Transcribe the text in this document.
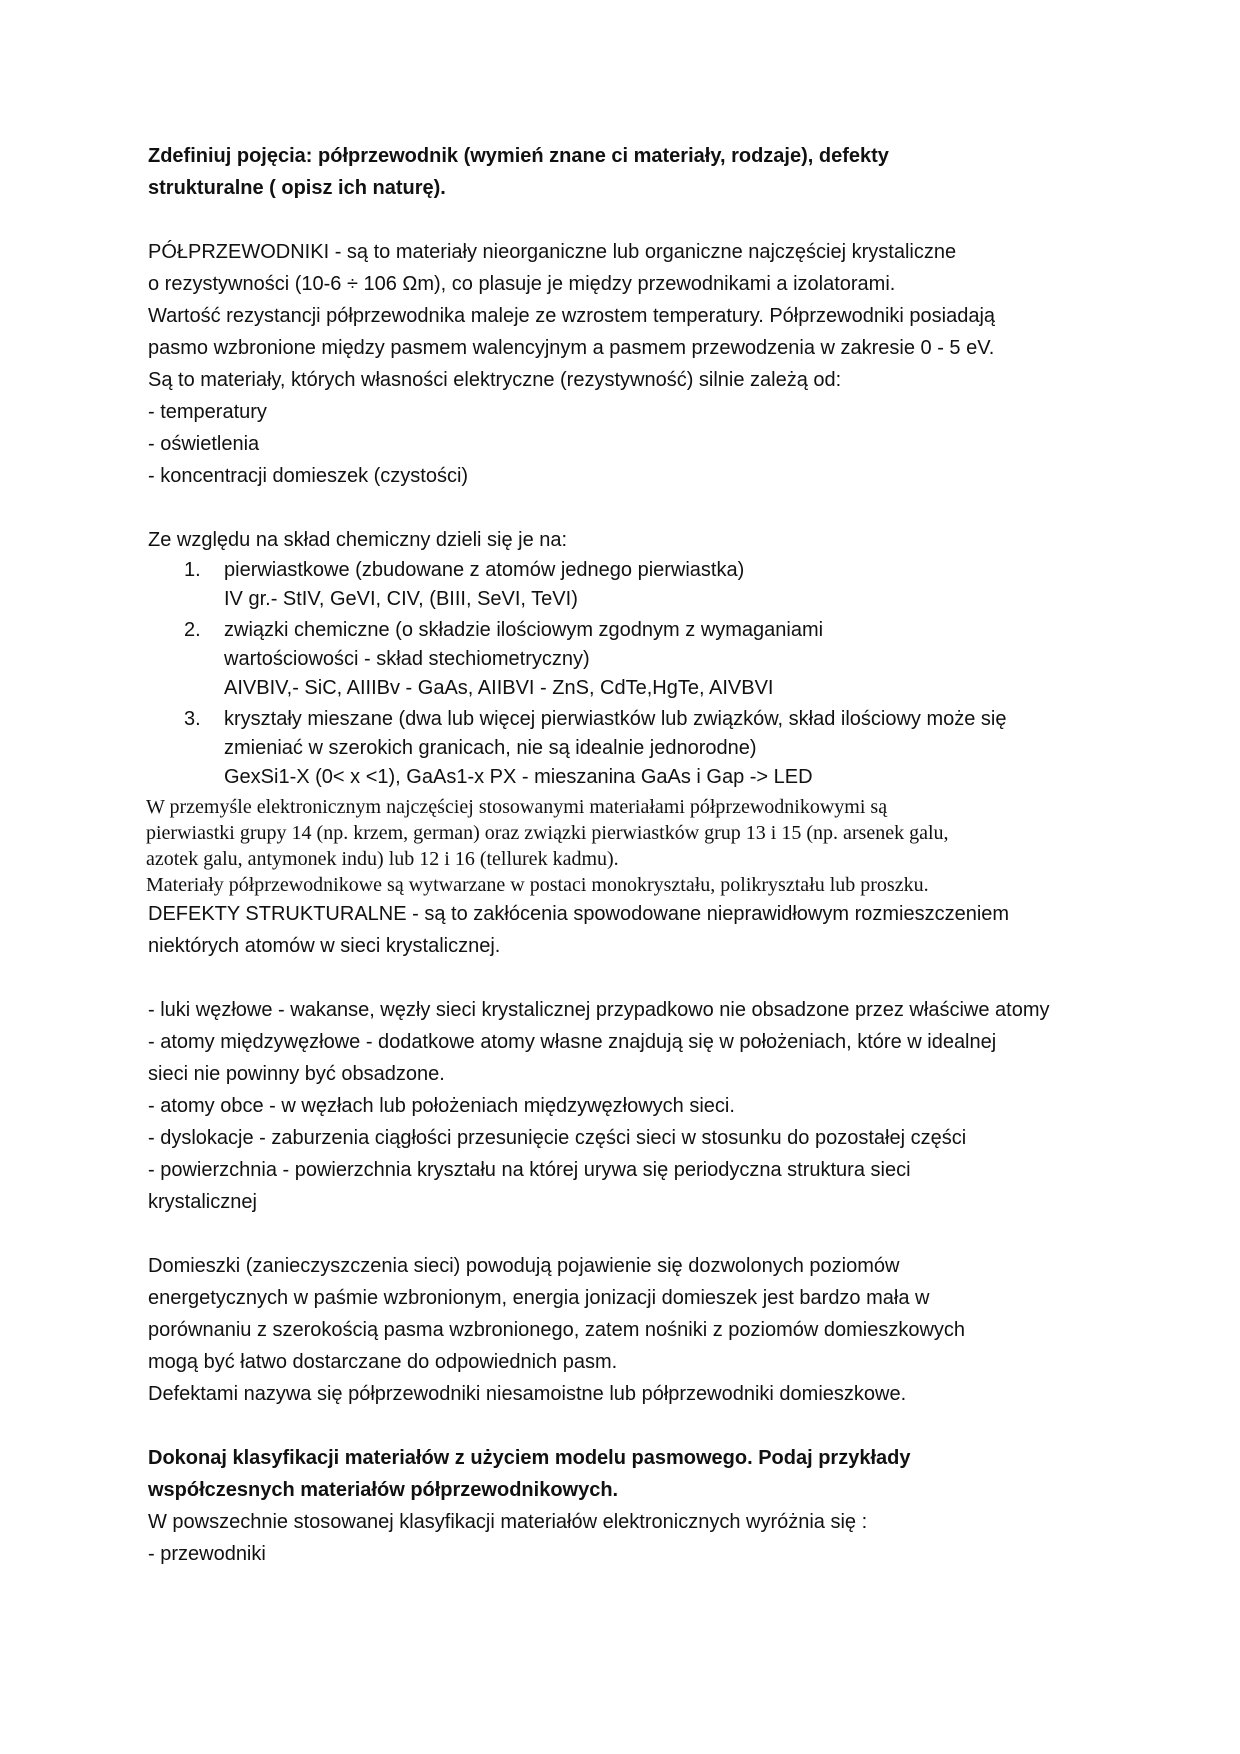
Zdefiniuj pojęcia: półprzewodnik (wymień znane ci materiały, rodzaje), defekty

strukturalne ( opisz ich naturę).

PÓŁPRZEWODNIKI - są to materiały nieorganiczne lub organiczne najczęściej krystaliczne

o rezystywności (10-6 ÷ 106 Ωm), co plasuje je między przewodnikami a izolatorami.

Wartość rezystancji półprzewodnika maleje ze wzrostem temperatury. Półprzewodniki posiadają

pasmo wzbronione między pasmem walencyjnym a pasmem przewodzenia w zakresie 0 - 5 eV.

Są to materiały, których własności elektryczne (rezystywność) silnie zależą od:

- temperatury

- oświetlenia

- koncentracji domieszek (czystości)

Ze względu na skład chemiczny dzieli się je na:

1. pierwiastkowe (zbudowane z atomów jednego pierwiastka)
IV gr.- StIV, GeVI, CIV, (BIII, SeVI, TeVI)
2. związki chemiczne (o składzie ilościowym zgodnym z wymaganiami
wartościowości - skład stechiometryczny)
AIVBIV,- SiC, AIIIBv - GaAs, AIIBVI - ZnS, CdTe,HgTe, AIVBVI
3. kryształy mieszane (dwa lub więcej pierwiastków lub związków, skład ilościowy może się
zmieniać w szerokich granicach, nie są idealnie jednorodne)
GexSi1-X (0< x <1), GaAs1-x PX - mieszanina GaAs i Gap -> LED

W przemyśle elektronicznym najczęściej stosowanymi materiałami półprzewodnikowymi są

pierwiastki grupy 14 (np. krzem, german) oraz związki pierwiastków grup 13 i 15 (np. arsenek galu,

azotek galu, antymonek indu) lub 12 i 16 (tellurek kadmu).

Materiały półprzewodnikowe są wytwarzane w postaci monokryształu, polikryształu lub proszku.

DEFEKTY STRUKTURALNE - są to zakłócenia spowodowane nieprawidłowym rozmieszczeniem

niektórych atomów w sieci krystalicznej.

- luki węzłowe - wakanse, węzły sieci krystalicznej przypadkowo nie obsadzone przez właściwe atomy

- atomy międzywęzłowe - dodatkowe atomy własne znajdują się w położeniach, które w idealnej

sieci nie powinny być obsadzone.

- atomy obce - w węzłach lub położeniach międzywęzłowych sieci.

- dyslokacje - zaburzenia ciągłości przesunięcie części sieci w stosunku do pozostałej części

- powierzchnia - powierzchnia kryształu na której urywa się periodyczna struktura sieci

krystalicznej

Domieszki (zanieczyszczenia sieci) powodują pojawienie się dozwolonych poziomów

energetycznych w paśmie wzbronionym, energia jonizacji domieszek jest bardzo mała w

porównaniu z szerokością pasma wzbronionego, zatem nośniki z poziomów domieszkowych

mogą być łatwo dostarczane do odpowiednich pasm.

Defektami nazywa się półprzewodniki niesamoistne lub półprzewodniki domieszkowe.

Dokonaj klasyfikacji materiałów z użyciem modelu pasmowego. Podaj przykłady

współczesnych materiałów półprzewodnikowych.

W powszechnie stosowanej klasyfikacji materiałów elektronicznych wyróżnia się :

- przewodniki
